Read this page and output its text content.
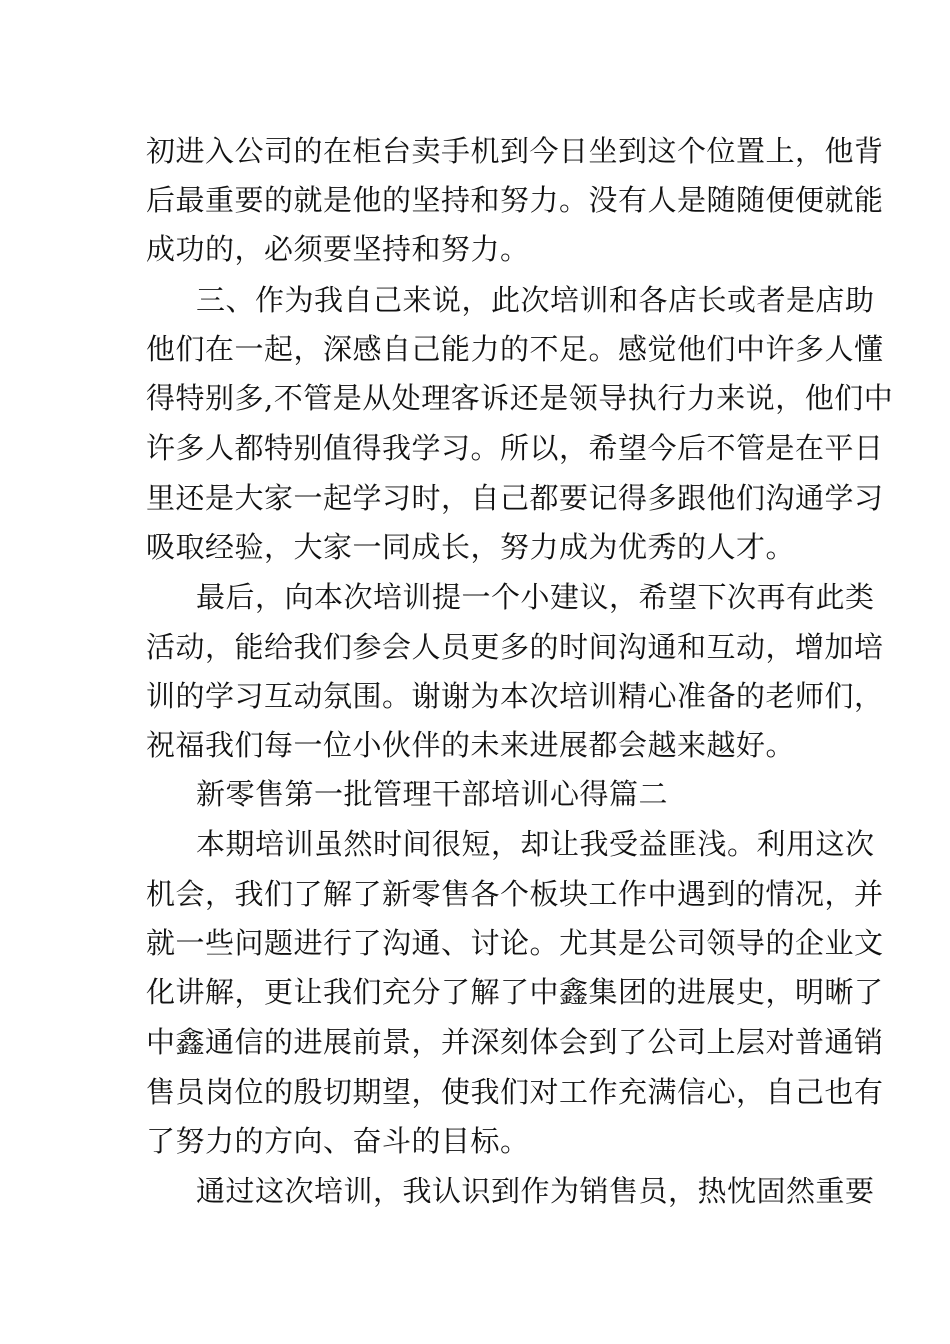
初进入公司的在柜台卖手机到今日坐到这个位置上，他背
后最重要的就是他的坚持和努力。没有人是随随便便就能
成功的，必须要坚持和努力。
三、作为我自己来说，此次培训和各店长或者是店助
他们在一起，深感自己能力的不足。感觉他们中许多人懂
得特别多,不管是从处理客诉还是领导执行力来说，他们中
许多人都特别值得我学习。所以，希望今后不管是在平日
里还是大家一起学习时，自己都要记得多跟他们沟通学习
吸取经验，大家一同成长，努力成为优秀的人才。
最后，向本次培训提一个小建议，希望下次再有此类
活动，能给我们参会人员更多的时间沟通和互动，增加培
训的学习互动氛围。谢谢为本次培训精心准备的老师们，
祝福我们每一位小伙伴的未来进展都会越来越好。
新零售第一批管理干部培训心得篇二
本期培训虽然时间很短，却让我受益匪浅。利用这次
机会，我们了解了新零售各个板块工作中遇到的情况，并
就一些问题进行了沟通、讨论。尤其是公司领导的企业文
化讲解，更让我们充分了解了中鑫集团的进展史，明晰了
中鑫通信的进展前景，并深刻体会到了公司上层对普通销
售员岗位的殷切期望，使我们对工作充满信心，自己也有
了努力的方向、奋斗的目标。
通过这次培训，我认识到作为销售员，热忱固然重要
